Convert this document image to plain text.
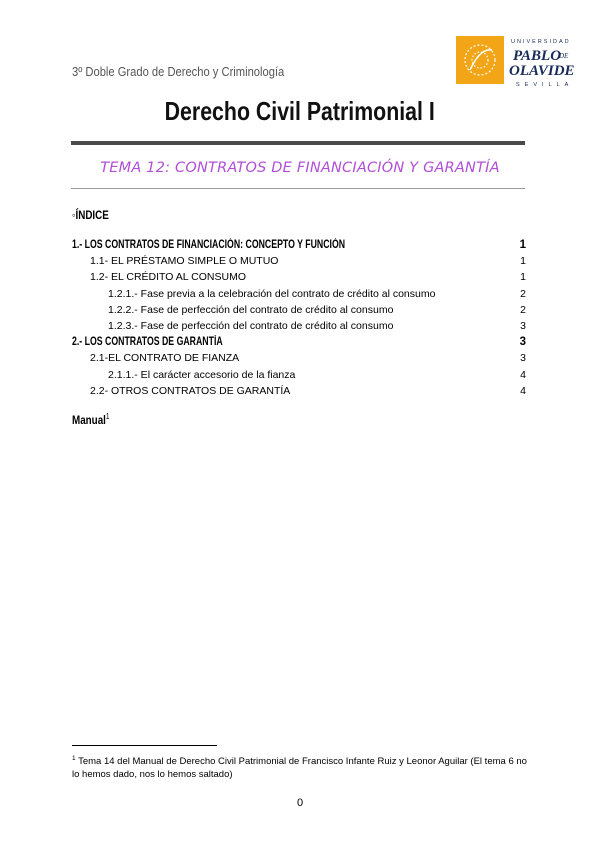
3º Doble Grado de Derecho y Criminología
UNIVERSIDAD
PABLO
DE
OLAVIDE
SEVILLA
Derecho Civil Patrimonial I
TEMA 12: CONTRATOS DE FINANCIACIÓN Y GARANTÍA
◦ÍNDICE
1.- LOS CONTRATOS DE FINANCIACIÓN: CONCEPTO Y FUNCIÓN	1
1.1- EL PRÉSTAMO SIMPLE O MUTUO	1
1.2- EL CRÉDITO AL CONSUMO	1
1.2.1.- Fase previa a la celebración del contrato de crédito al consumo	2
1.2.2.- Fase de perfección del contrato de crédito al consumo	2
1.2.3.- Fase de perfección del contrato de crédito al consumo	3
2.- LOS CONTRATOS DE GARANTÍA	3
2.1-EL CONTRATO DE FIANZA	3
2.1.1.- El carácter accesorio de la fianza	4
2.2- OTROS CONTRATOS DE GARANTÍA	4
Manual$^1$
$^1$ Tema 14 del Manual de Derecho Civil Patrimonial de Francisco Infante Ruiz y Leonor Aguilar (El tema 6 no lo hemos dado, nos lo hemos saltado)
0
